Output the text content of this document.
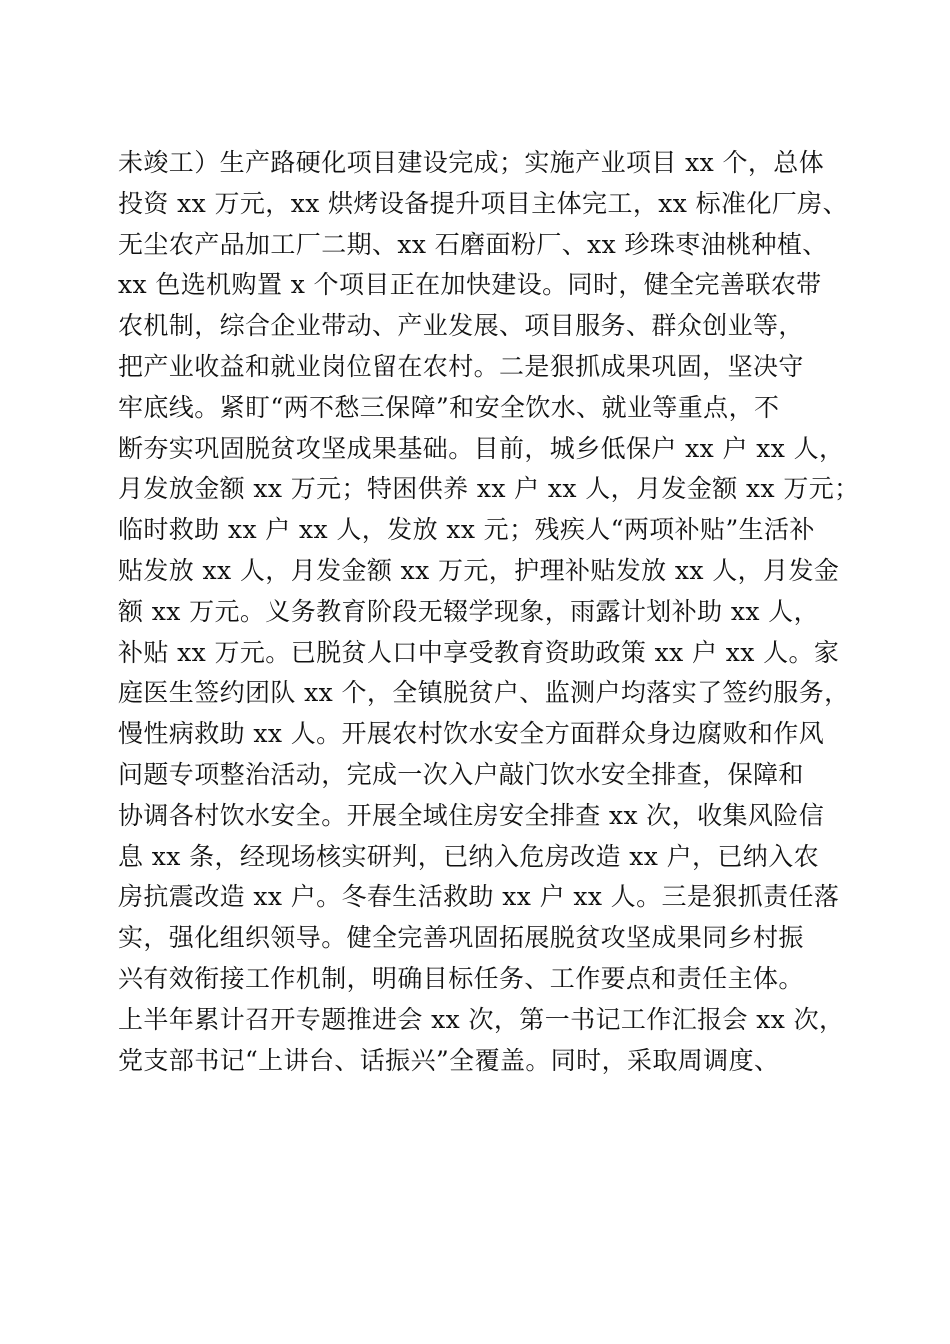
未竣工）生产路硬化项目建设完成；实施产业项目 xx 个，总体
投资 xx 万元，xx 烘烤设备提升项目主体完工，xx 标准化厂房、
无尘农产品加工厂二期、xx 石磨面粉厂、xx 珍珠枣油桃种植、
xx 色选机购置 x 个项目正在加快建设。同时，健全完善联农带
农机制，综合企业带动、产业发展、项目服务、群众创业等，
把产业收益和就业岗位留在农村。二是狠抓成果巩固，坚决守
牢底线。紧盯“两不愁三保障”和安全饮水、就业等重点，不
断夯实巩固脱贫攻坚成果基础。目前，城乡低保户 xx 户 xx 人，
月发放金额 xx 万元；特困供养 xx 户 xx 人，月发金额 xx 万元；
临时救助 xx 户 xx 人，发放 xx 元；残疾人“两项补贴”生活补
贴发放 xx 人，月发金额 xx 万元，护理补贴发放 xx 人，月发金
额 xx 万元。义务教育阶段无辍学现象，雨露计划补助 xx 人，
补贴 xx 万元。已脱贫人口中享受教育资助政策 xx 户 xx 人。家
庭医生签约团队 xx 个，全镇脱贫户、监测户均落实了签约服务，
慢性病救助 xx 人。开展农村饮水安全方面群众身边腐败和作风
问题专项整治活动，完成一次入户敲门饮水安全排查，保障和
协调各村饮水安全。开展全域住房安全排查 xx 次，收集风险信
息 xx 条，经现场核实研判，已纳入危房改造 xx 户，已纳入农
房抗震改造 xx 户。冬春生活救助 xx 户 xx 人。三是狠抓责任落
实，强化组织领导。健全完善巩固拓展脱贫攻坚成果同乡村振
兴有效衔接工作机制，明确目标任务、工作要点和责任主体。
上半年累计召开专题推进会 xx 次，第一书记工作汇报会 xx 次，
党支部书记“上讲台、话振兴”全覆盖。同时，采取周调度、
